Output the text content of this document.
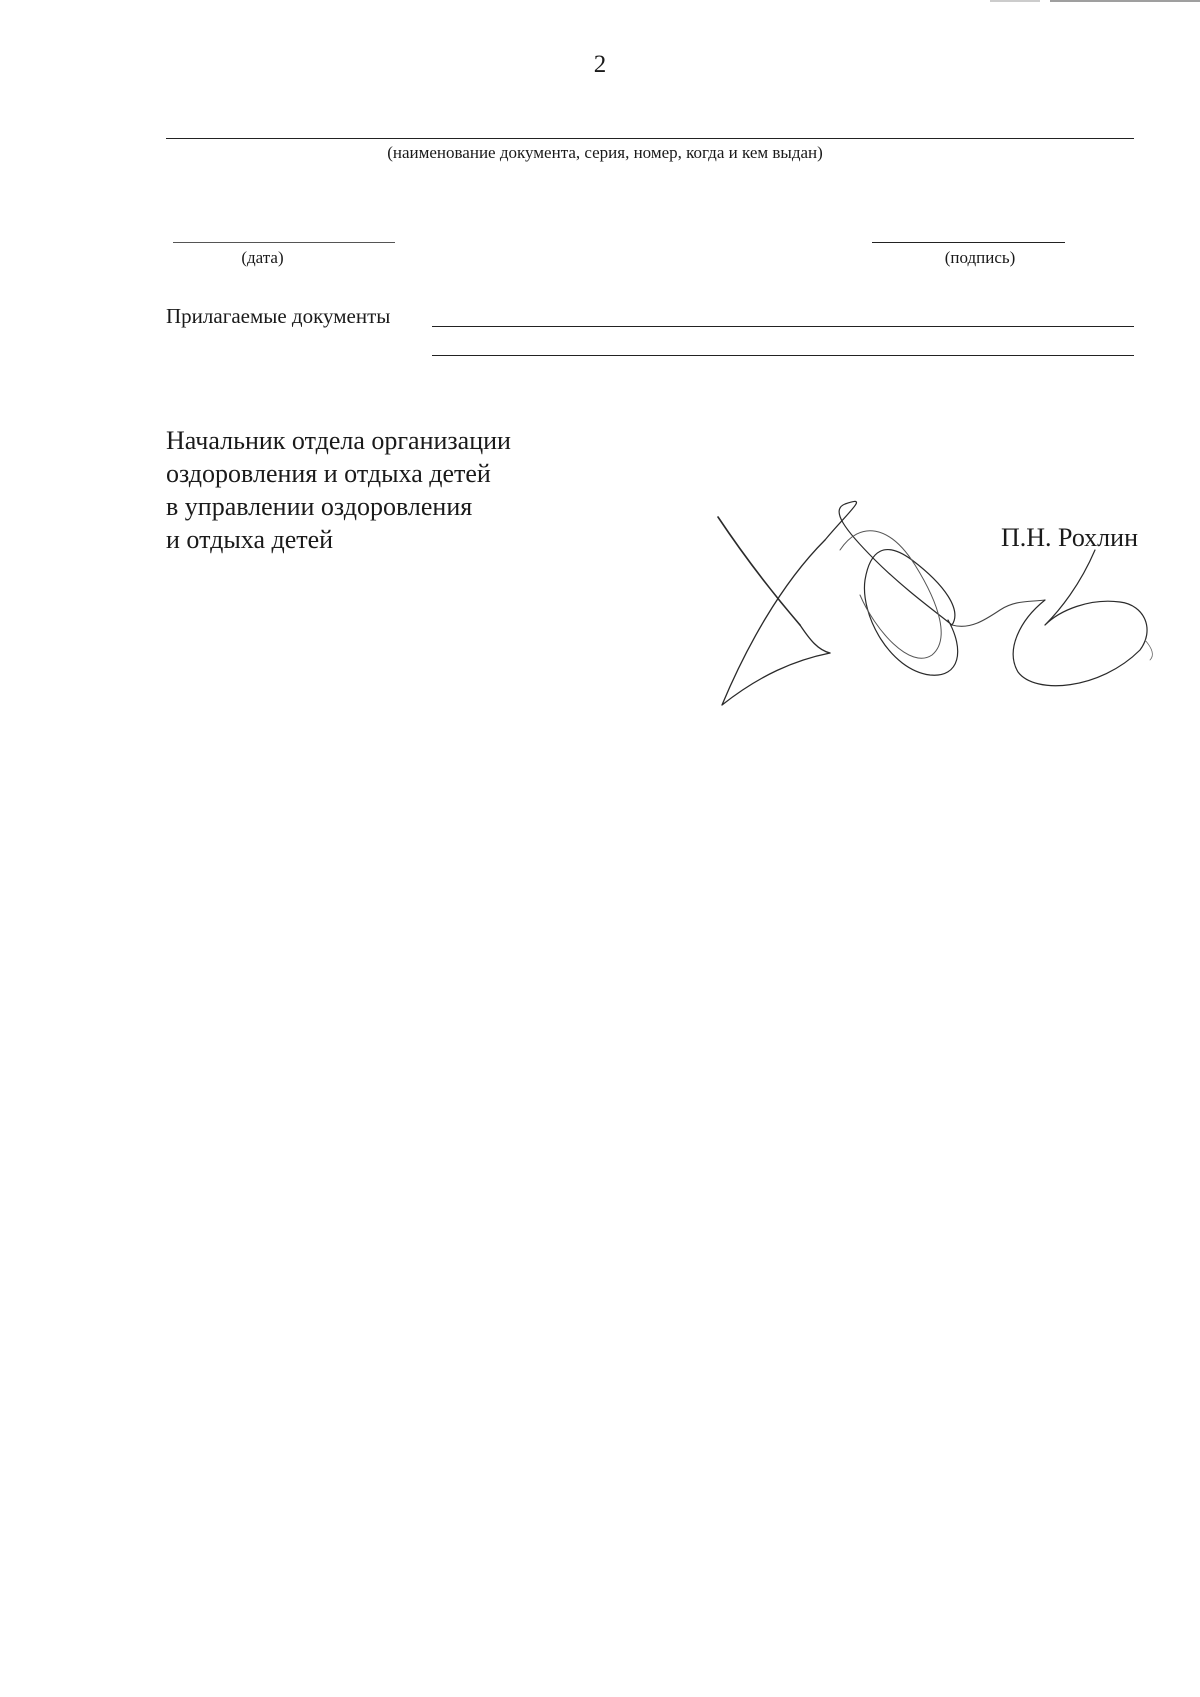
2
(наименование документа, серия, номер, когда и кем выдан)
(дата)	(подпись)
Прилагаемые документы
Начальник отдела организации
оздоровления и отдыха детей
в управлении оздоровления
и отдыха детей	П.Н. Рохлин
